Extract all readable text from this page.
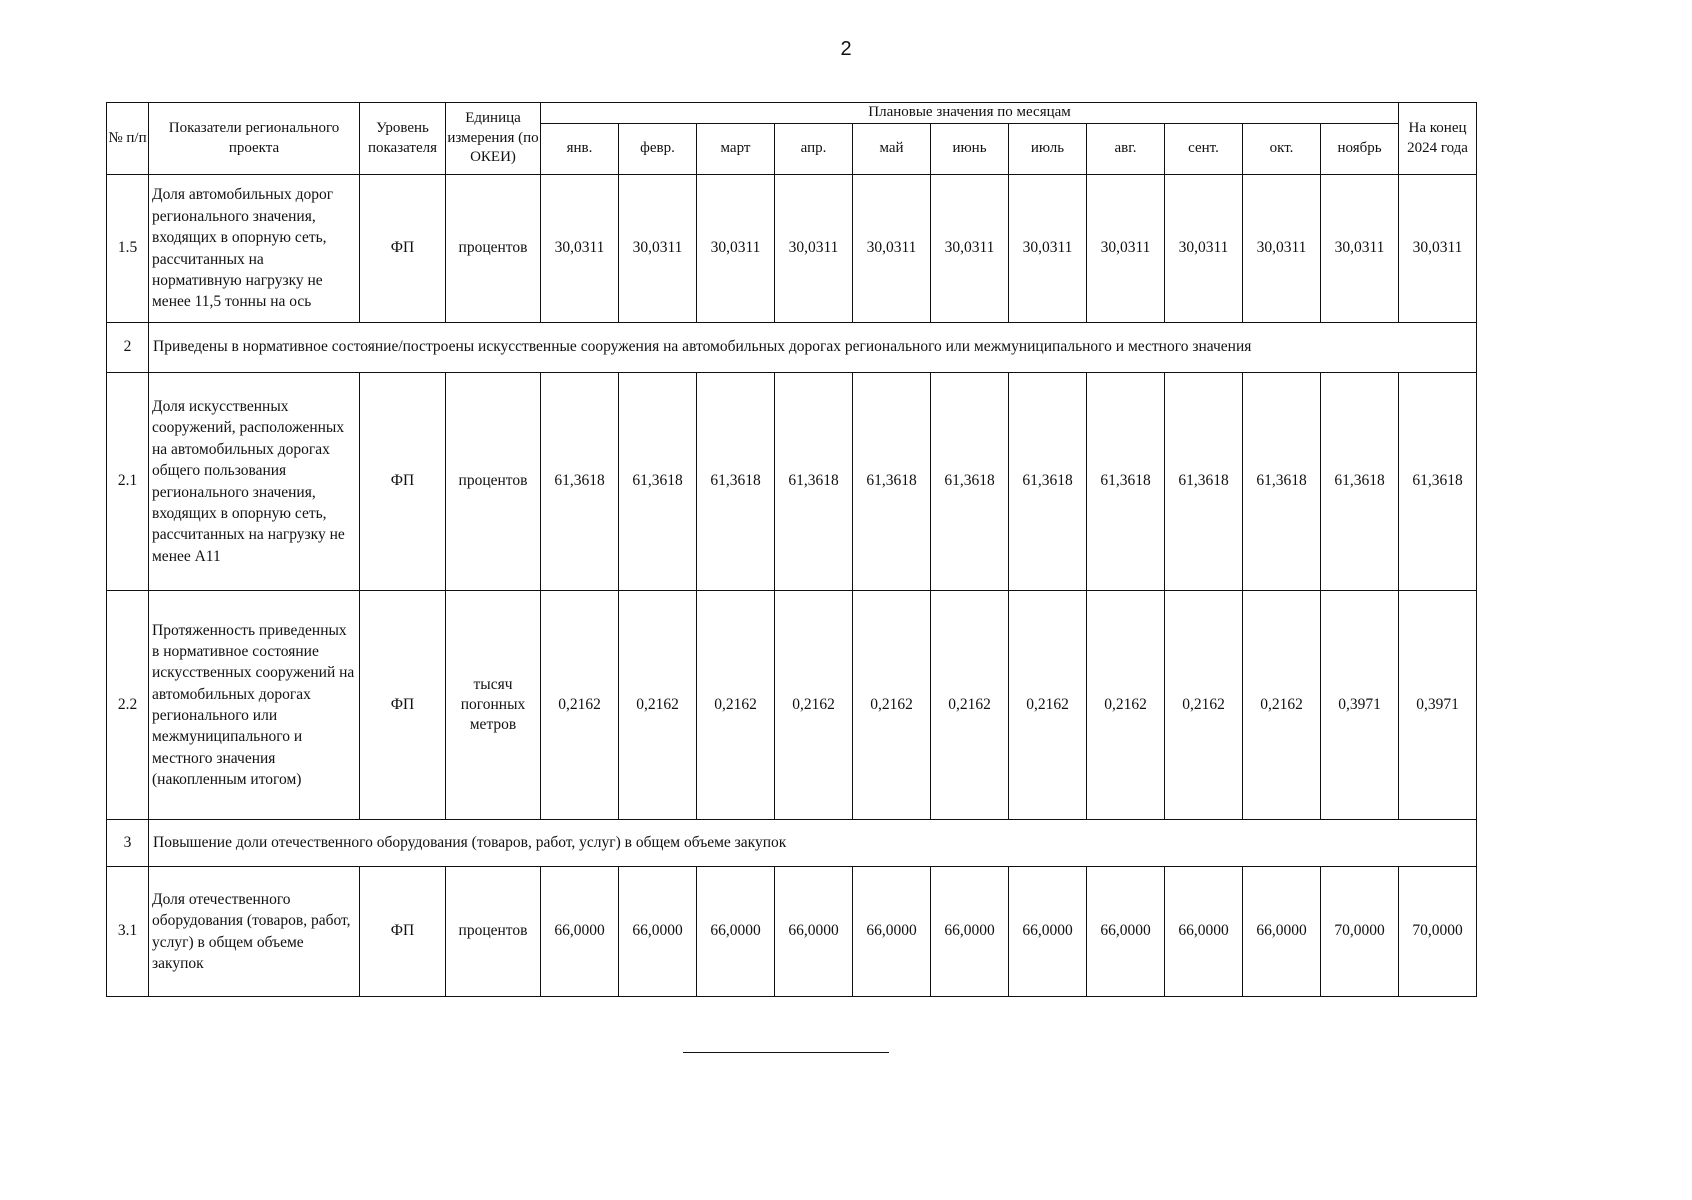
2
№ п/п	Показатели регионального проекта	Уровень показателя	Единица измерения (по ОКЕИ)	Плановые значения по месяцам											На конец 2024 года
				янв.	февр.	март	апр.	май	июнь	июль	авг.	сент.	окт.	ноябрь	
1.5	Доля автомобильных дорог регионального значения, входящих в опорную сеть, рассчитанных на нормативную нагрузку не менее 11,5 тонны на ось	ФП	процентов	30,0311	30,0311	30,0311	30,0311	30,0311	30,0311	30,0311	30,0311	30,0311	30,0311	30,0311	30,0311
2	Приведены в нормативное состояние/построены искусственные сооружения на автомобильных дорогах регионального или межмуниципального и местного значения														
2.1	Доля искусственных сооружений, расположенных на автомобильных дорогах общего пользования регионального значения, входящих в опорную сеть, рассчитанных на нагрузку не менее А11	ФП	процентов	61,3618	61,3618	61,3618	61,3618	61,3618	61,3618	61,3618	61,3618	61,3618	61,3618	61,3618	61,3618
2.2	Протяженность приведенных в нормативное состояние искусственных сооружений на автомобильных дорогах регионального или межмуниципального и местного значения (накопленным итогом)	ФП	тысяч погонных метров	0,2162	0,2162	0,2162	0,2162	0,2162	0,2162	0,2162	0,2162	0,2162	0,2162	0,3971	0,3971
3	Повышение доли отечественного оборудования (товаров, работ, услуг) в общем объеме закупок														
3.1	Доля отечественного оборудования (товаров, работ, услуг) в общем объеме закупок	ФП	процентов	66,0000	66,0000	66,0000	66,0000	66,0000	66,0000	66,0000	66,0000	66,0000	66,0000	70,0000	70,0000
